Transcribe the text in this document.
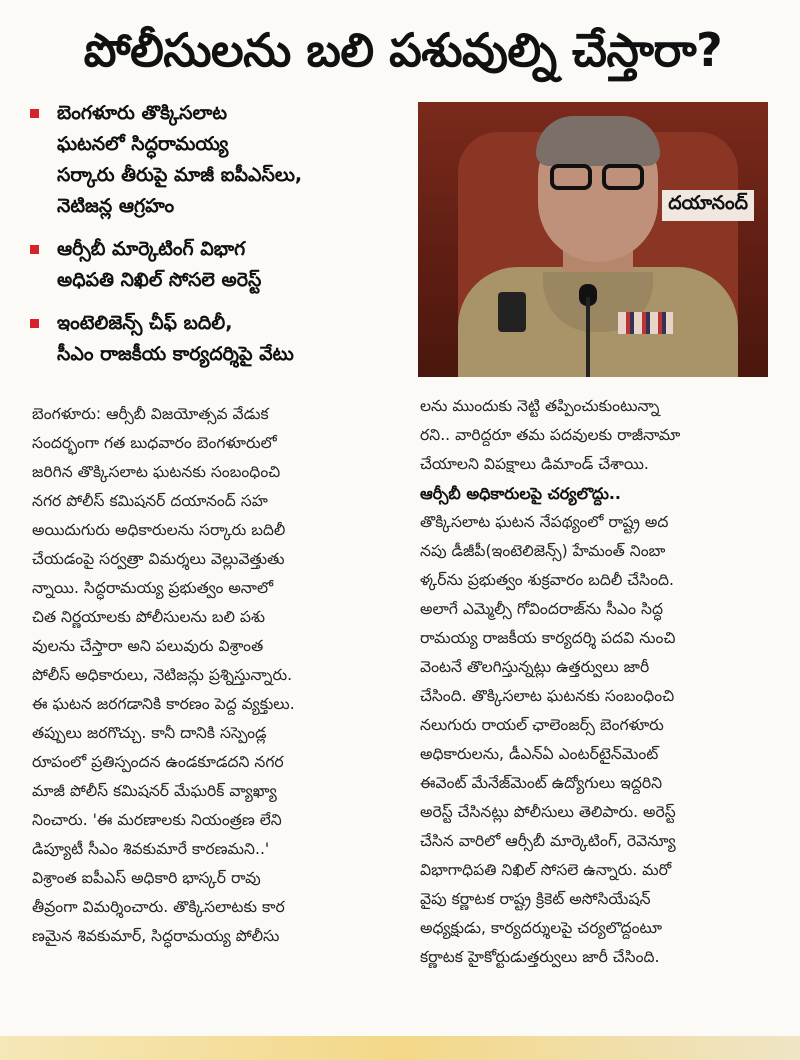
పోలీసులను బలి పశువుల్ని చేస్తారా?
బెంగళూరు తొక్కిసలాట
ఘటనలో సిద్ధరామయ్య
సర్కారు తీరుపై మాజీ ఐపీఎస్‌లు,
నెటిజన్ల ఆగ్రహం
ఆర్సీబీ మార్కెటింగ్ విభాగ
అధిపతి నిఖిల్ సోసలె అరెస్ట్
ఇంటెలిజెన్స్ చీఫ్ బదిలీ,
సీఎం రాజకీయ కార్యదర్శిపై వేటు
దయానంద్
బెంగళూరు: ఆర్సీబీ విజయోత్సవ వేడుక
సందర్భంగా గత బుధవారం బెంగళూరులో
జరిగిన తొక్కిసలాట ఘటనకు సంబంధించి
నగర పోలీస్ కమిషనర్ దయానంద్ సహ
అయిదుగురు అధికారులను సర్కారు బదిలీ
చేయడంపై సర్వత్రా విమర్శలు వెల్లువెత్తుతు
న్నాయి. సిద్ధరామయ్య ప్రభుత్వం అనాలో
చిత నిర్ణయాలకు పోలీసులను బలి పశు
వులను చేస్తారా అని పలువురు విశ్రాంత
పోలీస్ అధికారులు, నెటిజన్లు ప్రశ్నిస్తున్నారు.
ఈ ఘటన జరగడానికి కారణం పెద్ద వ్యక్తులు.
తప్పులు జరగొచ్చు. కానీ దానికి సస్పెండ్ల
రూపంలో ప్రతిస్పందన ఉండకూడదని నగర
మాజీ పోలీస్ కమిషనర్ మేఘరిక్ వ్యాఖ్యా
నించారు. 'ఈ మరణాలకు నియంత్రణ లేని
డిప్యూటీ సీఎం శివకుమారే కారణమని..'
విశ్రాంత ఐపీఎస్ అధికారి భాస్కర్ రావు
తీవ్రంగా విమర్శించారు. తొక్కిసలాటకు కార
ణమైన శివకుమార్, సిద్ధరామయ్య పోలీసు
లను ముందుకు నెట్టి తప్పించుకుంటున్నా
రని.. వారిద్దరూ తమ పదవులకు రాజీనామా
చేయాలని విపక్షాలు డిమాండ్ చేశాయి.
ఆర్సీబీ అధికారులపై చర్యలొద్దు..
తొక్కిసలాట ఘటన నేపథ్యంలో రాష్ట్ర అద
నపు డీజీపీ(ఇంటెలిజెన్స్) హేమంత్ నింబా
ళ్కర్‌ను ప్రభుత్వం శుక్రవారం బదిలీ చేసింది.
అలాగే ఎమ్మెల్సీ గోవిందరాజ్‌ను సీఎం సిద్ధ
రామయ్య రాజకీయ కార్యదర్శి పదవి నుంచి
వెంటనే తొలగిస్తున్నట్లు ఉత్తర్వులు జారీ
చేసింది. తొక్కిసలాట ఘటనకు సంబంధించి
నలుగురు రాయల్ ఛాలెంజర్స్ బెంగళూరు
అధికారులను, డీఎన్ఏ ఎంటర్‌టైన్‌మెంట్
ఈవెంట్ మేనేజ్‌మెంట్ ఉద్యోగులు ఇద్దరిని
అరెస్ట్ చేసినట్లు పోలీసులు తెలిపారు. అరెస్ట్
చేసిన వారిలో ఆర్సీబీ మార్కెటింగ్, రెవెన్యూ
విభాగాధిపతి నిఖిల్ సోసలె ఉన్నారు. మరో
వైపు కర్ణాటక రాష్ట్ర క్రికెట్ అసోసియేషన్
అధ్యక్షుడు, కార్యదర్శులపై చర్యలొద్దంటూ
కర్ణాటక హైకోర్టుడుత్తర్వులు జారీ చేసింది.
